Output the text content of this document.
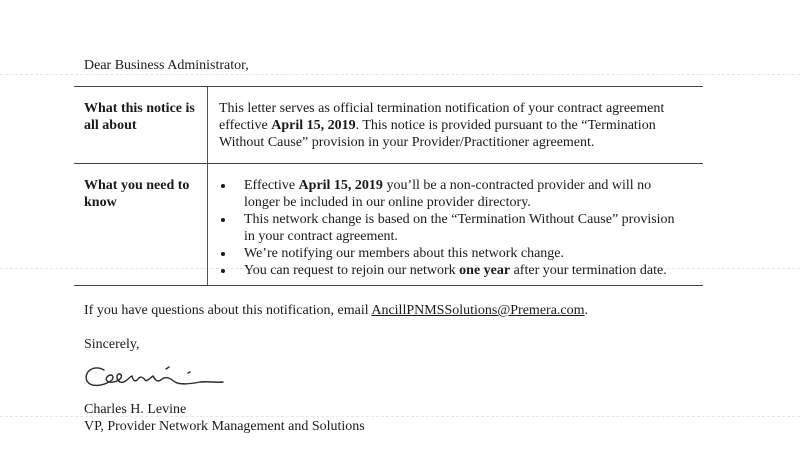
Dear Business Administrator,
What this notice is
all about
This letter serves as official termination notification of your contract agreement
effective April 15, 2019. This notice is provided pursuant to the “Termination
Without Cause” provision in your Provider/Practitioner agreement.
What you need to
know
Effective April 15, 2019 you’ll be a non-contracted provider and will no
longer be included in our online provider directory.
This network change is based on the “Termination Without Cause” provision
in your contract agreement.
We’re notifying our members about this network change.
You can request to rejoin our network one year after your termination date.
If you have questions about this notification, email AncillPNMSSolutions@Premera.com.
Sincerely,
Charles H. Levine
VP, Provider Network Management and Solutions
